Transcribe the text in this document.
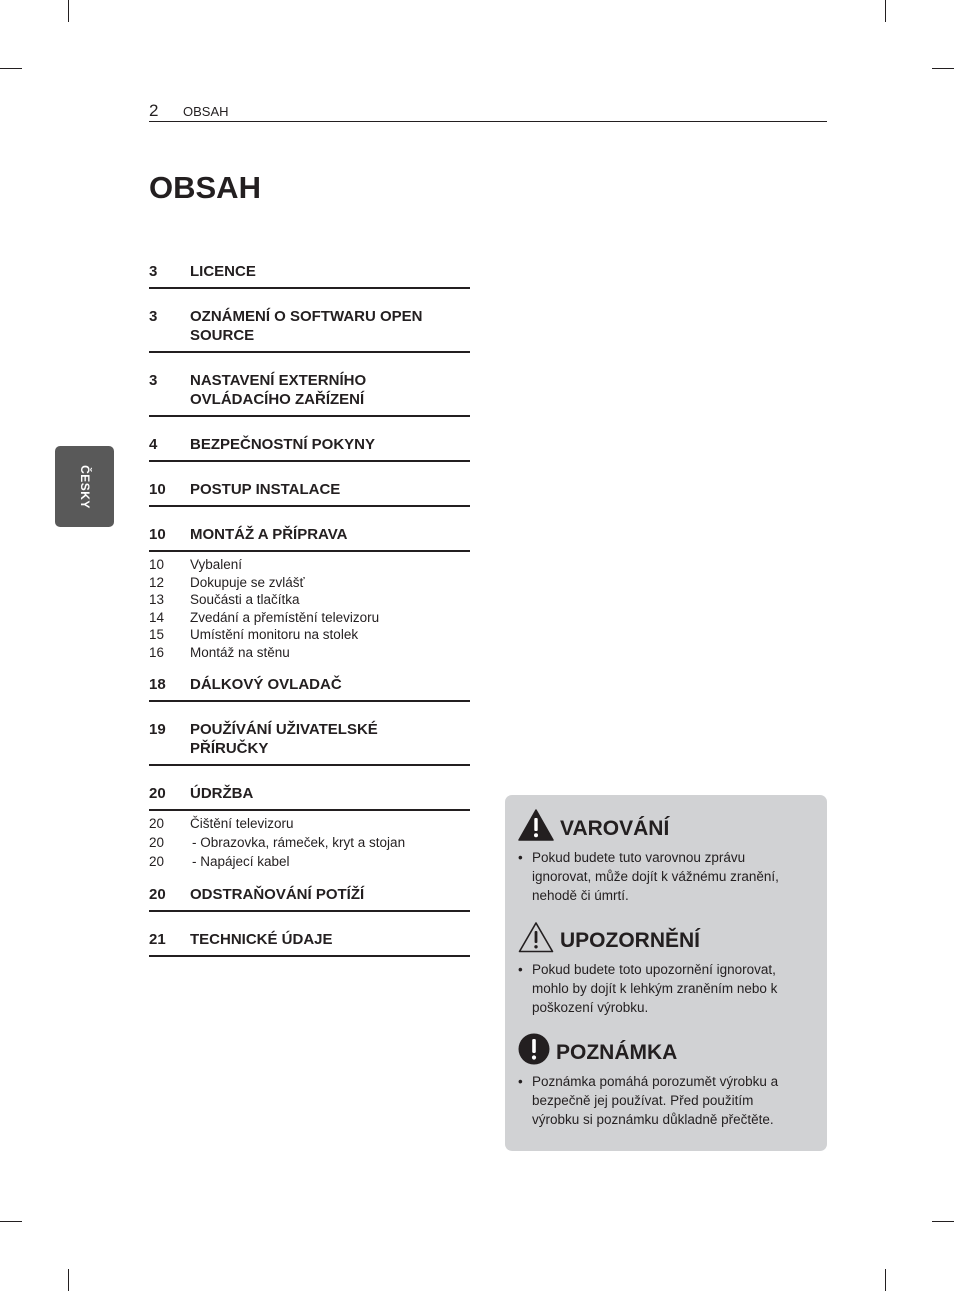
2 OBSAH
OBSAH
ČESKY
3	LICENCE
3	OZNÁMENÍ O SOFTWARU OPEN SOURCE
3	NASTAVENÍ EXTERNÍHO OVLÁDACÍHO ZAŘÍZENÍ
4	BEZPEČNOSTNÍ POKYNY
10	POSTUP INSTALACE
10	MONTÁŽ A PŘÍPRAVA
10	Vybalení
12	Dokupuje se zvlášť
13	Součásti a tlačítka
14	Zvedání a přemístění televizoru
15	Umístění monitoru na stolek
16	Montáž na stěnu
18	DÁLKOVÝ OVLADAČ
19	POUŽÍVÁNÍ UŽIVATELSKÉ PŘÍRUČKY
20	ÚDRŽBA
20	Čištění televizoru
20	- Obrazovka, rámeček, kryt a stojan
20	- Napájecí kabel
20	ODSTRAŇOVÁNÍ POTÍŽÍ
21	TECHNICKÉ ÚDAJE
VAROVÁNÍ
• Pokud budete tuto varovnou zprávu ignorovat, může dojít k vážnému zranění, nehodě či úmrtí.
UPOZORNĚNÍ
• Pokud budete toto upozornění ignorovat, mohlo by dojít k lehkým zraněním nebo k poškození výrobku.
POZNÁMKA
• Poznámka pomáhá porozumět výrobku a bezpečně jej používat. Před použitím výrobku si poznámku důkladně přečtěte.
